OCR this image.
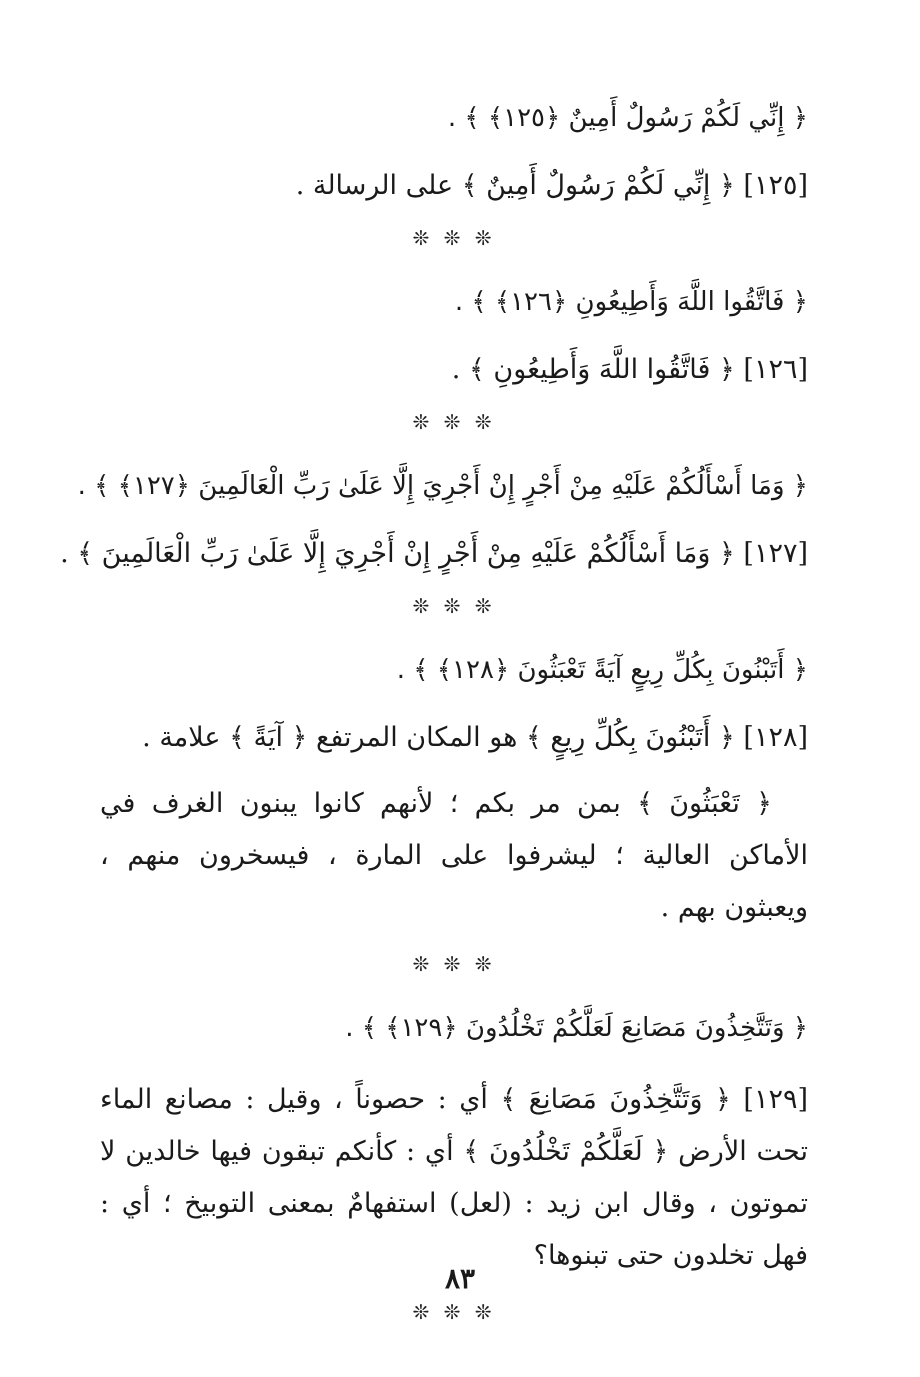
﴿ إِنِّي لَكُمْ رَسُولٌ أَمِينٌ ﴿١٢٥﴾ ﴾ .
[١٢٥] ﴿ إِنِّي لَكُمْ رَسُولٌ أَمِينٌ ﴾ على الرسالة .
❊ ❊ ❊
﴿ فَاتَّقُوا اللَّهَ وَأَطِيعُونِ ﴿١٢٦﴾ ﴾ .
[١٢٦] ﴿ فَاتَّقُوا اللَّهَ وَأَطِيعُونِ ﴾ .
❊ ❊ ❊
﴿ وَمَا أَسْأَلُكُمْ عَلَيْهِ مِنْ أَجْرٍ إِنْ أَجْرِيَ إِلَّا عَلَىٰ رَبِّ الْعَالَمِينَ ﴿١٢٧﴾ ﴾ .
[١٢٧] ﴿ وَمَا أَسْأَلُكُمْ عَلَيْهِ مِنْ أَجْرٍ إِنْ أَجْرِيَ إِلَّا عَلَىٰ رَبِّ الْعَالَمِينَ ﴾ .
❊ ❊ ❊
﴿ أَتَبْنُونَ بِكُلِّ رِيعٍ آيَةً تَعْبَثُونَ ﴿١٢٨﴾ ﴾ .
[١٢٨] ﴿ أَتَبْنُونَ بِكُلِّ رِيعٍ ﴾ هو المكان المرتفع ﴿ آيَةً ﴾ علامة .

﴿ تَعْبَثُونَ ﴾ بمن مر بكم ؛ لأنهم كانوا يبنون الغرف في الأماكن العالية ؛ ليشرفوا على المارة ، فيسخرون منهم ، ويعبثون بهم .

❊ ❊ ❊
﴿ وَتَتَّخِذُونَ مَصَانِعَ لَعَلَّكُمْ تَخْلُدُونَ ﴿١٢٩﴾ ﴾ .

[١٢٩] ﴿ وَتَتَّخِذُونَ مَصَانِعَ ﴾ أي : حصوناً ، وقيل : مصانع الماء تحت الأرض ﴿ لَعَلَّكُمْ تَخْلُدُونَ ﴾ أي : كأنكم تبقون فيها خالدين لا تموتون ، وقال ابن زيد : (لعل) استفهامٌ بمعنى التوبيخ ؛ أي : فهل تخلدون حتى تبنوها؟

❊ ❊ ❊
٨٣
